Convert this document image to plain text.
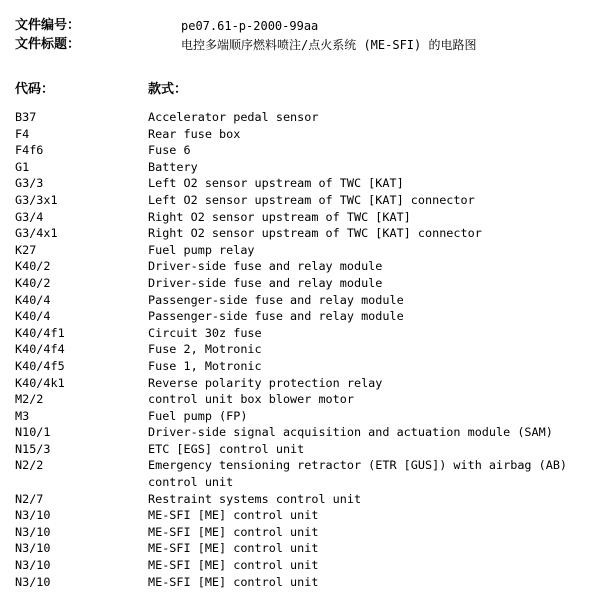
文件编号：	pe07.61-p-2000-99aa
文件标题：	电控多端顺序燃料喷注/点火系统 (ME-SFI) 的电路图
代码：	款式：
B37	Accelerator pedal sensor
F4	Rear fuse box
F4f6	Fuse 6
G1	Battery
G3/3	Left O2 sensor upstream of TWC [KAT]
G3/3x1	Left O2 sensor upstream of TWC [KAT] connector
G3/4	Right O2 sensor upstream of TWC [KAT]
G3/4x1	Right O2 sensor upstream of TWC [KAT] connector
K27	Fuel pump relay
K40/2	Driver-side fuse and relay module
K40/2	Driver-side fuse and relay module
K40/4	Passenger-side fuse and relay module
K40/4	Passenger-side fuse and relay module
K40/4f1	Circuit 30z fuse
K40/4f4	Fuse 2, Motronic
K40/4f5	Fuse 1, Motronic
K40/4k1	Reverse polarity protection relay
M2/2	control unit box blower motor
M3	Fuel pump (FP)
N10/1	Driver-side signal acquisition and actuation module (SAM)
N15/3	ETC [EGS] control unit
N2/2	Emergency tensioning retractor (ETR [GUS]) with airbag (AB) control unit
N2/7	Restraint systems control unit
N3/10	ME-SFI [ME] control unit
N3/10	ME-SFI [ME] control unit
N3/10	ME-SFI [ME] control unit
N3/10	ME-SFI [ME] control unit
N3/10	ME-SFI [ME] control unit
